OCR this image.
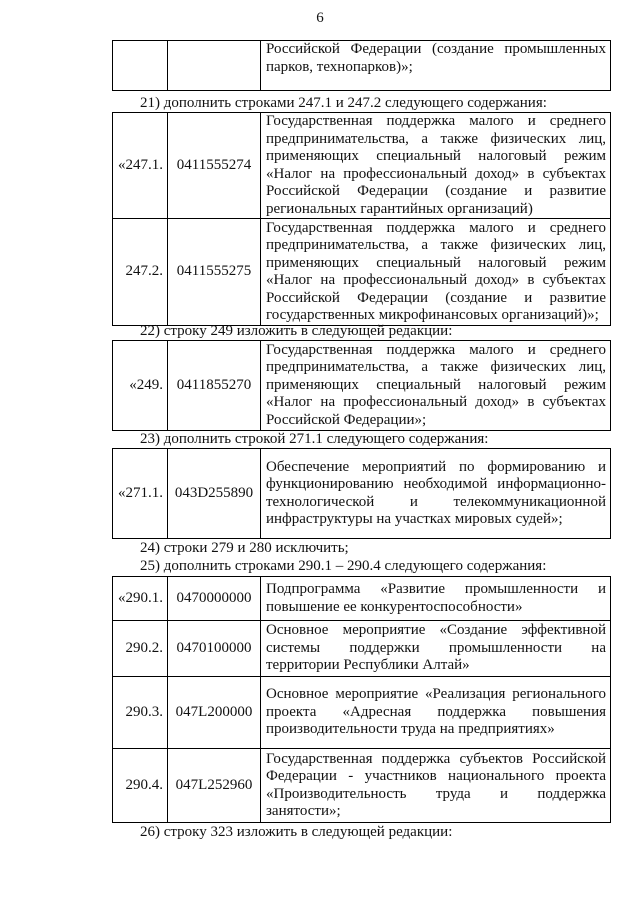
6
		Российской Федерации (создание промышленных парков, технопарков)»;
21) дополнить строками 247.1 и 247.2 следующего содержания:
«247.1.	0411555274	Государственная поддержка малого и среднего предпринимательства, а также физических лиц, применяющих специальный налоговый режим «Налог на профессиональный доход» в субъектах Российской Федерации (создание и развитие региональных гарантийных организаций)
247.2.	0411555275	Государственная поддержка малого и среднего предпринимательства, а также физических лиц, применяющих специальный налоговый режим «Налог на профессиональный доход» в субъектах Российской Федерации (создание и развитие государственных микрофинансовых организаций)»;
22) строку 249 изложить в следующей редакции:
«249.	0411855270	Государственная поддержка малого и среднего предпринимательства, а также физических лиц, применяющих специальный налоговый режим «Налог на профессиональный доход» в субъектах Российской Федерации»;
23) дополнить строкой 271.1 следующего содержания:
«271.1.	043D255890	Обеспечение мероприятий по формированию и функционированию необходимой информационно-технологической и телекоммуникационной инфраструктуры на участках мировых судей»;
24) строки 279 и 280 исключить;
25) дополнить строками 290.1 – 290.4 следующего содержания:
«290.1.	0470000000	Подпрограмма «Развитие промышленности и повышение ее конкурентоспособности»
290.2.	0470100000	Основное мероприятие «Создание эффективной системы поддержки промышленности на территории Республики Алтай»
290.3.	047L200000	Основное мероприятие «Реализация регионального проекта «Адресная поддержка повышения производительности труда на предприятиях»
290.4.	047L252960	Государственная поддержка субъектов Российской Федерации - участников национального проекта «Производительность труда и поддержка занятости»;
26) строку 323 изложить в следующей редакции:
